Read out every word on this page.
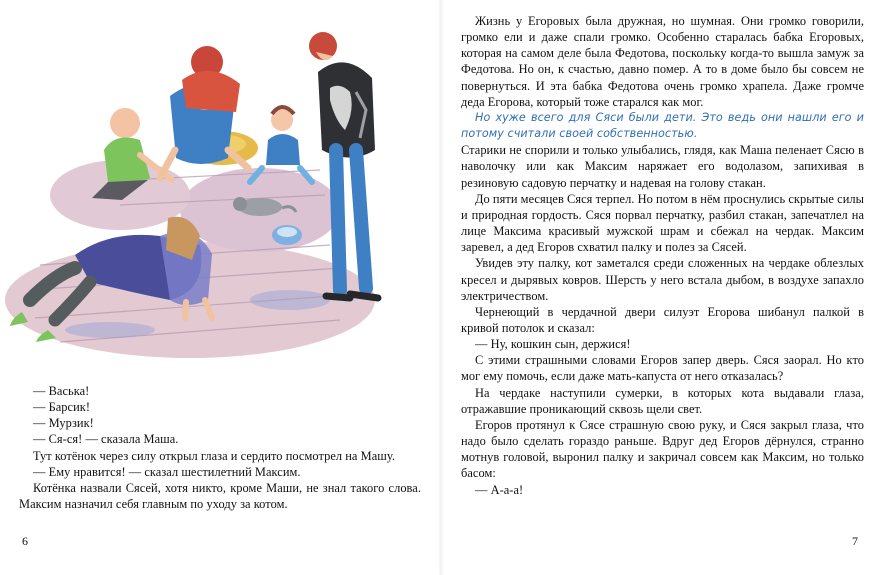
— Васька!

— Барсик!

— Мурзик!

— Ся-ся! — сказала Маша.

Тут котёнок через силу открыл глаза и сердито посмотрел на Машу.

— Ему нравится! — сказал шестилетний Максим.

Котёнка назвали Сясей, хотя никто, кроме Маши, не знал такого слова. Максим назначил себя главным по уходу за котом.

6

Жизнь у Егоровых была дружная, но шумная. Они громко говорили, громко ели и даже спали громко. Особенно старалась бабка Егоровых, которая на самом деле была Федотова, поскольку когда-то вышла замуж за Федотова. Но он, к счастью, давно помер. А то в доме было бы совсем не повернуться. И эта бабка Федотова очень громко храпела. Даже громче деда Егорова, который тоже старался как мог.

Но хуже всего для Сяси были дети. Это ведь они нашли его и потому считали своей собственностью.

Старики не спорили и только улыбались, глядя, как Маша пеленает Сясю в наволочку или как Максим наряжает его водолазом, запихивая в резиновую садовую перчатку и надевая на голову стакан.

До пяти месяцев Сяся терпел. Но потом в нём проснулись скрытые силы и природная гордость. Сяся порвал перчатку, разбил стакан, запечатлел на лице Максима красивый мужской шрам и сбежал на чердак. Максим заревел, а дед Егоров схватил палку и полез за Сясей.

Увидев эту палку, кот заметался среди сложенных на чердаке облезлых кресел и дырявых ковров. Шерсть у него встала дыбом, в воздухе запахло электричеством.

Чернеющий в чердачной двери силуэт Егорова шибанул палкой в кривой потолок и сказал:

— Ну, кошкин сын, держися!

С этими страшными словами Егоров запер дверь. Сяся заорал. Но кто мог ему помочь, если даже мать-капуста от него отказалась?

На чердаке наступили сумерки, в которых кота выдавали глаза, отражавшие проникающий сквозь щели свет.

Егоров протянул к Сясе страшную свою руку, и Сяся закрыл глаза, что надо было сделать гораздо раньше. Вдруг дед Егоров дёрнулся, странно мотнув головой, выронил палку и закричал совсем как Максим, но только басом:

— А-а-а!

7
